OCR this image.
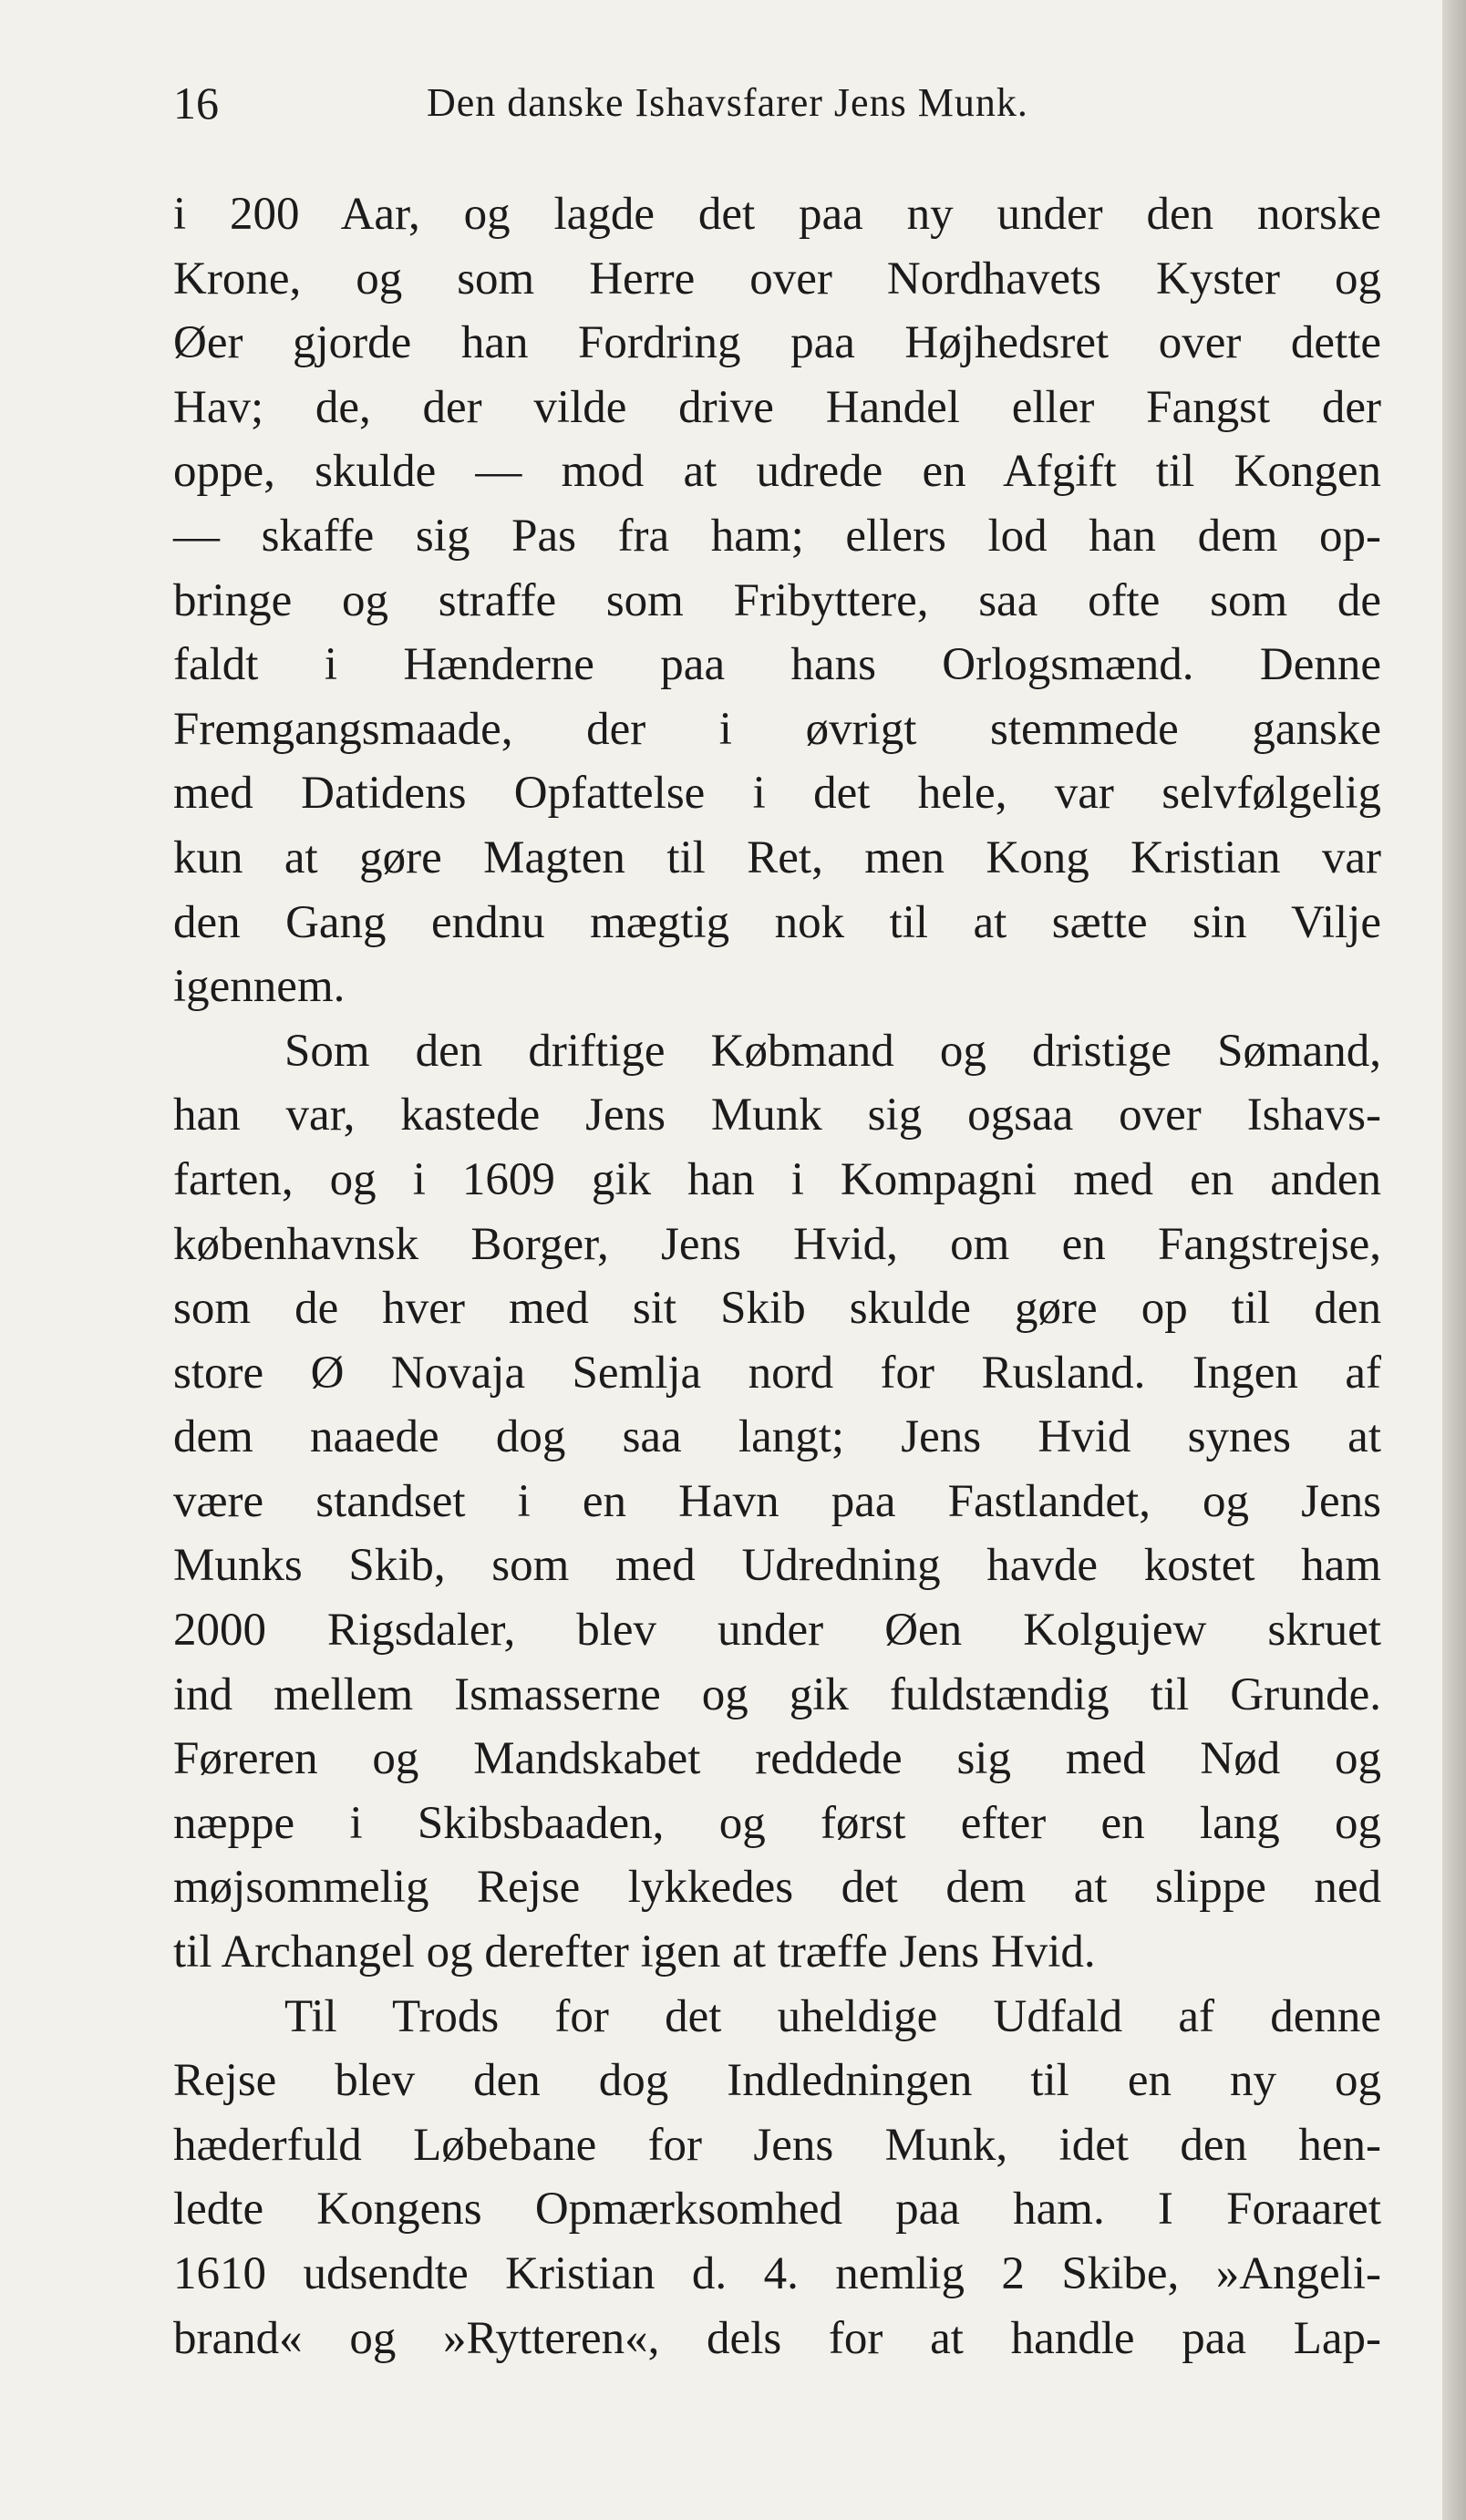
16	Den danske Ishavsfarer Jens Munk.
i 200 Aar, og lagde det paa ny under den norske
Krone, og som Herre over Nordhavets Kyster og
Øer gjorde han Fordring paa Højhedsret over dette
Hav; de, der vilde drive Handel eller Fangst der
oppe, skulde — mod at udrede en Afgift til Kongen
— skaffe sig Pas fra ham; ellers lod han dem op-
bringe og straffe som Fribyttere, saa ofte som de
faldt i Hænderne paa hans Orlogsmænd. Denne
Fremgangsmaade, der i øvrigt stemmede ganske
med Datidens Opfattelse i det hele, var selvfølgelig
kun at gøre Magten til Ret, men Kong Kristian var
den Gang endnu mægtig nok til at sætte sin Vilje
igennem.
Som den driftige Købmand og dristige Sømand,
han var, kastede Jens Munk sig ogsaa over Ishavs-
farten, og i 1609 gik han i Kompagni med en anden
københavnsk Borger, Jens Hvid, om en Fangstrejse,
som de hver med sit Skib skulde gøre op til den
store Ø Novaja Semlja nord for Rusland. Ingen af
dem naaede dog saa langt; Jens Hvid synes at
være standset i en Havn paa Fastlandet, og Jens
Munks Skib, som med Udredning havde kostet ham
2000 Rigsdaler, blev under Øen Kolgujew skruet
ind mellem Ismasserne og gik fuldstændig til Grunde.
Føreren og Mandskabet reddede sig med Nød og
næppe i Skibsbaaden, og først efter en lang og
møjsommelig Rejse lykkedes det dem at slippe ned
til Archangel og derefter igen at træffe Jens Hvid.
Til Trods for det uheldige Udfald af denne
Rejse blev den dog Indledningen til en ny og
hæderfuld Løbebane for Jens Munk, idet den hen-
ledte Kongens Opmærksomhed paa ham. I Foraaret
1610 udsendte Kristian d. 4. nemlig 2 Skibe, »Angeli-
brand« og »Rytteren«, dels for at handle paa Lap-
